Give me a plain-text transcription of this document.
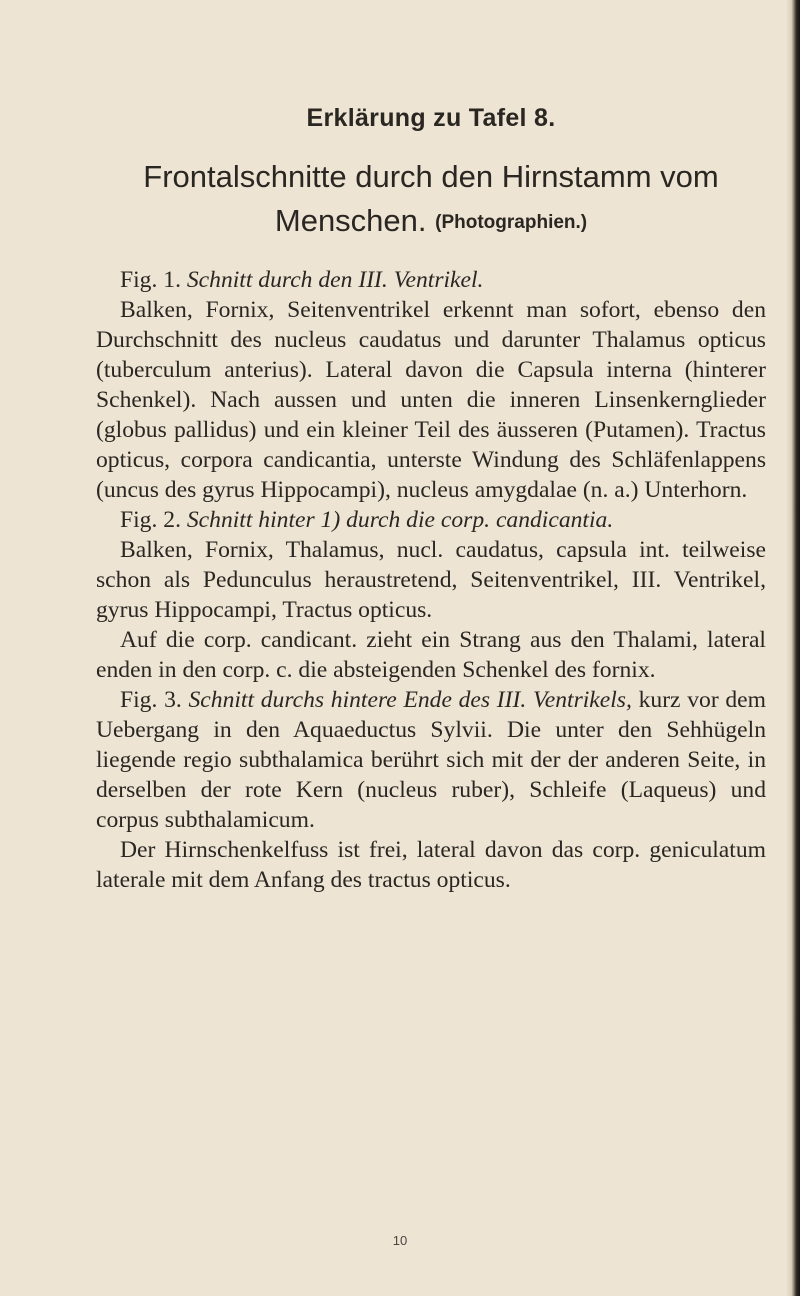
Erklärung zu Tafel 8.
Frontalschnitte durch den Hirnstamm vom Menschen. (Photographien.)

Fig. 1. Schnitt durch den III. Ventrikel.

Balken, Fornix, Seitenventrikel erkennt man sofort, ebenso den Durchschnitt des nucleus caudatus und darunter Thalamus opticus (tuberculum anterius). Lateral davon die Capsula interna (hinterer Schenkel). Nach aussen und unten die inneren Linsenkernglieder (globus pallidus) und ein kleiner Teil des äusseren (Putamen). Tractus opticus, corpora candicantia, unterste Windung des Schläfenlappens (uncus des gyrus Hippocampi), nucleus amygdalae (n. a.) Unterhorn.

Fig. 2. Schnitt hinter 1) durch die corp. candicantia.

Balken, Fornix, Thalamus, nucl. caudatus, capsula int. teilweise schon als Pedunculus heraustretend, Seitenventrikel, III. Ventrikel, gyrus Hippocampi, Tractus opticus.

Auf die corp. candicant. zieht ein Strang aus den Thalami, lateral enden in den corp. c. die absteigenden Schenkel des fornix.

Fig. 3. Schnitt durchs hintere Ende des III. Ventrikels, kurz vor dem Uebergang in den Aquaeductus Sylvii. Die unter den Sehhügeln liegende regio subthalamica berührt sich mit der der anderen Seite, in derselben der rote Kern (nucleus ruber), Schleife (Laqueus) und corpus subthalamicum.

Der Hirnschenkelfuss ist frei, lateral davon das corp. geniculatum laterale mit dem Anfang des tractus opticus.

10
